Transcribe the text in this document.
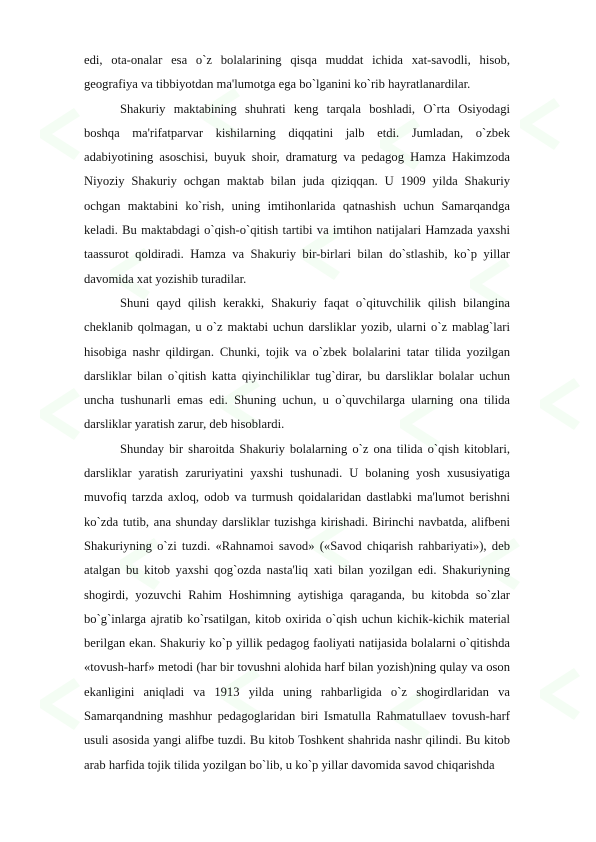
edi, ota-onalar esa o`z bolalarining qisqa muddat ichida xat-savodli, hisob, geografiya va tibbiyotdan ma'lumotga ega bo`lganini ko`rib hayratlanardilar.

Shakuriy maktabining shuhrati keng tarqala boshladi, O`rta Osiyodagi boshqa ma'rifatparvar kishilarning diqqatini jalb etdi. Jumladan, o`zbek adabiyotining asoschisi, buyuk shoir, dramaturg va pedagog Hamza Hakimzoda Niyoziy Shakuriy ochgan maktab bilan juda qiziqqan. U 1909 yilda Shakuriy ochgan maktabini ko`rish, uning imtihonlarida qatnashish uchun Samarqandga keladi. Bu maktabdagi o`qish-o`qitish tartibi va imtihon natijalari Hamzada yaxshi taassurot qoldiradi. Hamza va Shakuriy bir-birlari bilan do`stlashib, ko`p yillar davomida xat yozishib turadilar.

Shuni qayd qilish kerakki, Shakuriy faqat o`qituvchilik qilish bilangina cheklanib qolmagan, u o`z maktabi uchun darsliklar yozib, ularni o`z mablag`lari hisobiga nashr qildirgan. Chunki, tojik va o`zbek bolalarini tatar tilida yozilgan darsliklar bilan o`qitish katta qiyinchiliklar tug`dirar, bu darsliklar bolalar uchun uncha tushunarli emas edi. Shuning uchun, u o`quvchilarga ularning ona tilida darsliklar yaratish zarur, deb hisoblardi.

Shunday bir sharoitda Shakuriy bolalarning o`z ona tilida o`qish kitoblari, darsliklar yaratish zaruriyatini yaxshi tushunadi. U bolaning yosh xususiyatiga muvofiq tarzda axloq, odob va turmush qoidalaridan dastlabki ma'lumot berishni ko`zda tutib, ana shunday darsliklar tuzishga kirishadi. Birinchi navbatda, alifbeni Shakuriyning o`zi tuzdi. «Rahnamoi savod» («Savod chiqarish rahbariyati»), deb atalgan bu kitob yaxshi qog`ozda nasta'liq xati bilan yozilgan edi. Shakuriyning shogirdi, yozuvchi Rahim Hoshimning aytishiga qaraganda, bu kitobda so`zlar bo`g`inlarga ajratib ko`rsatilgan, kitob oxirida o`qish uchun kichik-kichik material berilgan ekan. Shakuriy ko`p yillik pedagog faoliyati natijasida bolalarni o`qitishda «tovush-harf» metodi (har bir tovushni alohida harf bilan yozish)ning qulay va oson ekanligini aniqladi va 1913 yilda uning rahbarligida o`z shogirdlaridan va Samarqandning mashhur pedagoglaridan biri Ismatulla Rahmatullaev tovush-harf usuli asosida yangi alifbe tuzdi. Bu kitob Toshkent shahrida nashr qilindi. Bu kitob arab harfida tojik tilida yozilgan bo`lib, u ko`p yillar davomida savod chiqarishda
